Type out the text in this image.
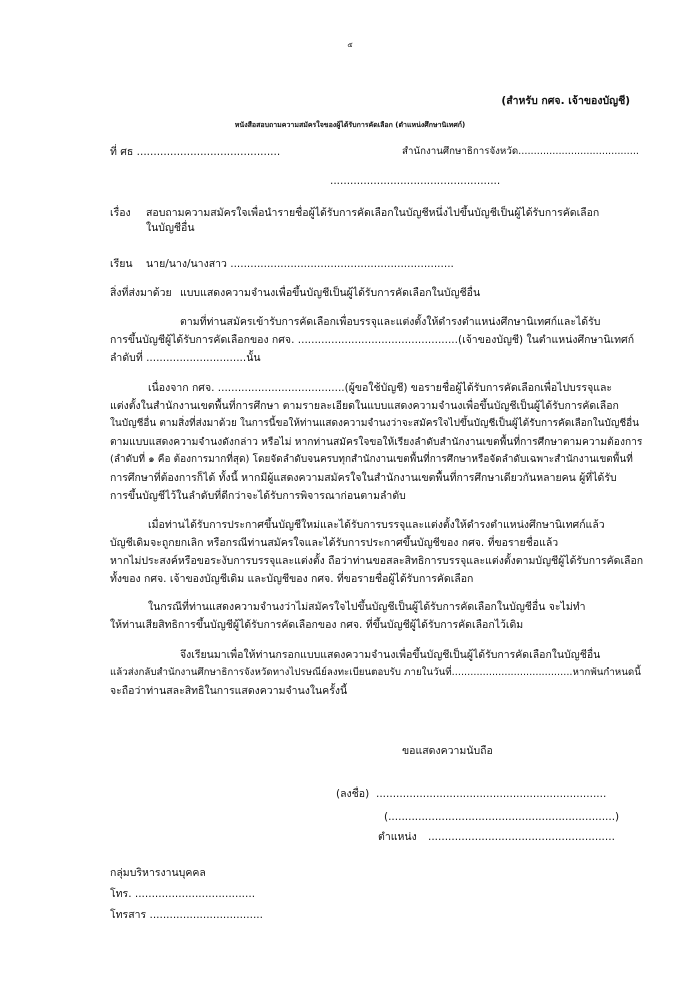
๕
(สำหรับ กศจ. เจ้าของบัญชี)
หนังสือสอบถามความสมัครใจของผู้ได้รับการคัดเลือก (ตำแหน่งศึกษานิเทศก์)
ที่ ศธ ...........................................	สำนักงานศึกษาธิการจังหวัด.......................................
...................................................
เรื่อง สอบถามความสมัครใจเพื่อนำรายชื่อผู้ได้รับการคัดเลือกในบัญชีหนึ่งไปขึ้นบัญชีเป็นผู้ได้รับการคัดเลือก
ในบัญชีอื่น
เรียน นาย/นาง/นางสาว ...................................................................
สิ่งที่ส่งมาด้วย แบบแสดงความจำนงเพื่อขึ้นบัญชีเป็นผู้ได้รับการคัดเลือกในบัญชีอื่น
ตามที่ท่านสมัครเข้ารับการคัดเลือกเพื่อบรรจุและแต่งตั้งให้ดำรงตำแหน่งศึกษานิเทศก์และได้รับ
การขึ้นบัญชีผู้ได้รับการคัดเลือกของ กศจ. ................................................(เจ้าของบัญชี) ในตำแหน่งศึกษานิเทศก์
ลำดับที่ ..............................นั้น
เนื่องจาก กศจ. ......................................(ผู้ขอใช้บัญชี) ขอรายชื่อผู้ได้รับการคัดเลือกเพื่อไปบรรจุและ
แต่งตั้งในสำนักงานเขตพื้นที่การศึกษา ตามรายละเอียดในแบบแสดงความจำนงเพื่อขึ้นบัญชีเป็นผู้ได้รับการคัดเลือก
ในบัญชีอื่น ตามสิ่งที่ส่งมาด้วย ในการนี้ขอให้ท่านแสดงความจำนงว่าจะสมัครใจไปขึ้นบัญชีเป็นผู้ได้รับการคัดเลือกในบัญชีอื่น
ตามแบบแสดงความจำนงดังกล่าว หรือไม่ หากท่านสมัครใจขอให้เรียงลำดับสำนักงานเขตพื้นที่การศึกษาตามความต้องการ
(ลำดับที่ ๑ คือ ต้องการมากที่สุด) โดยจัดลำดับจนครบทุกสำนักงานเขตพื้นที่การศึกษาหรือจัดลำดับเฉพาะสำนักงานเขตพื้นที่
การศึกษาที่ต้องการก็ได้ ทั้งนี้ หากมีผู้แสดงความสมัครใจในสำนักงานเขตพื้นที่การศึกษาเดียวกันหลายคน ผู้ที่ได้รับ
การขึ้นบัญชีไว้ในลำดับที่ดีกว่าจะได้รับการพิจารณาก่อนตามลำดับ
เมื่อท่านได้รับการประกาศขึ้นบัญชีใหม่และได้รับการบรรจุและแต่งตั้งให้ดำรงตำแหน่งศึกษานิเทศก์แล้ว
บัญชีเดิมจะถูกยกเลิก หรือกรณีท่านสมัครใจและได้รับการประกาศขึ้นบัญชีของ กศจ. ที่ขอรายชื่อแล้ว
หากไม่ประสงค์หรือขอระงับการบรรจุและแต่งตั้ง ถือว่าท่านขอสละสิทธิการบรรจุและแต่งตั้งตามบัญชีผู้ได้รับการคัดเลือก
ทั้งของ กศจ. เจ้าของบัญชีเดิม และบัญชีของ กศจ. ที่ขอรายชื่อผู้ได้รับการคัดเลือก
ในกรณีที่ท่านแสดงความจำนงว่าไม่สมัครใจไปขึ้นบัญชีเป็นผู้ได้รับการคัดเลือกในบัญชีอื่น จะไม่ทำ
ให้ท่านเสียสิทธิการขึ้นบัญชีผู้ได้รับการคัดเลือกของ กศจ. ที่ขึ้นบัญชีผู้ได้รับการคัดเลือกไว้เดิม
จึงเรียนมาเพื่อให้ท่านกรอกแบบแสดงความจำนงเพื่อขึ้นบัญชีเป็นผู้ได้รับการคัดเลือกในบัญชีอื่น
แล้วส่งกลับสำนักงานศึกษาธิการจังหวัดทางไปรษณีย์ลงทะเบียนตอบรับ ภายในวันที่.......................................หากพ้นกำหนดนี้
จะถือว่าท่านสละสิทธิในการแสดงความจำนงในครั้งนี้
ขอแสดงความนับถือ
(ลงชื่อ) .....................................................................
(....................................................................)
ตำแหน่ง ........................................................
กลุ่มบริหารงานบุคคล
โทร. ....................................
โทรสาร ..................................
